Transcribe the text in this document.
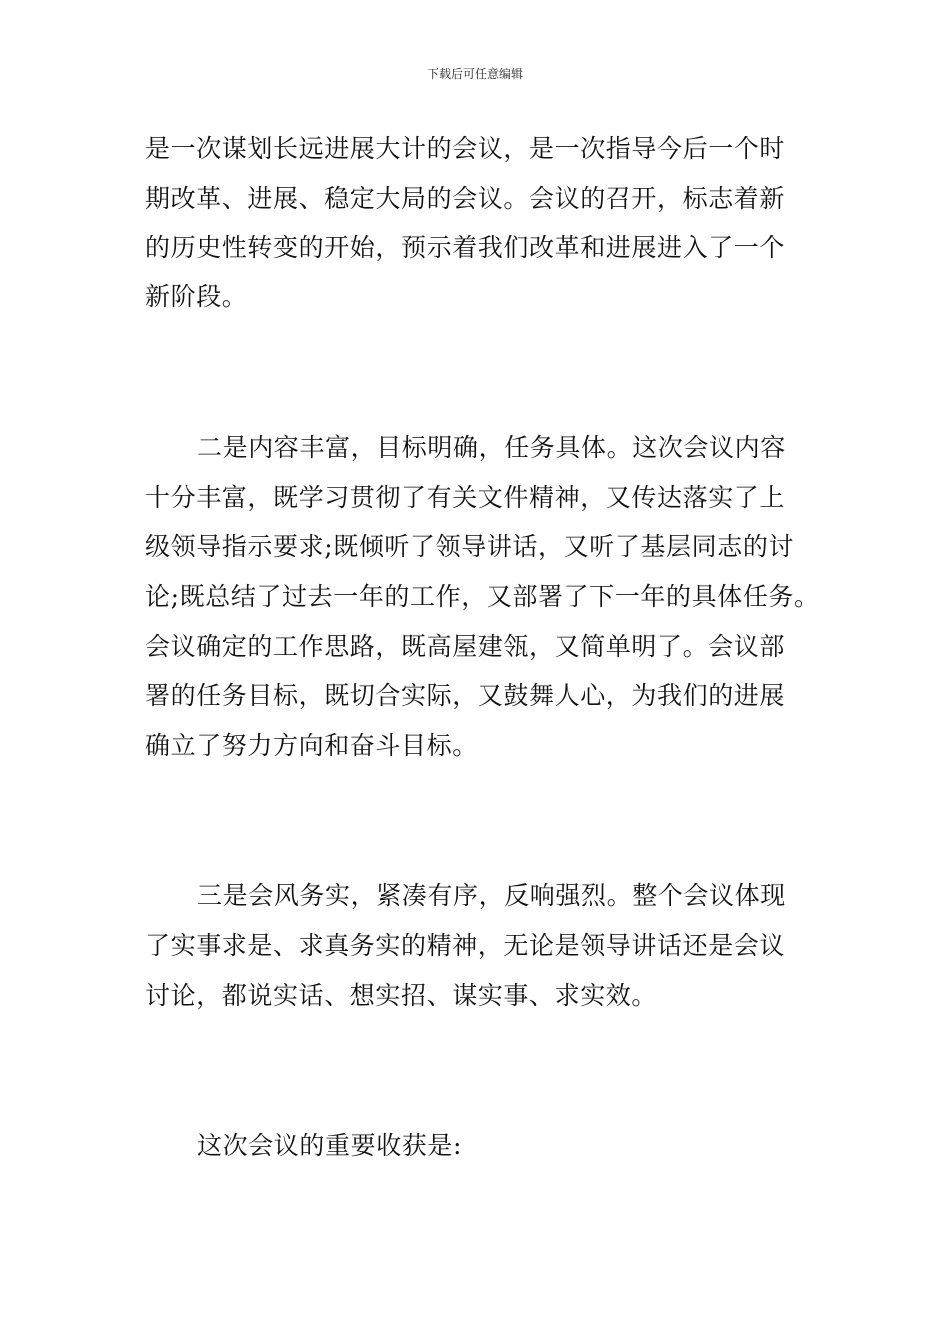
下载后可任意编辑
是一次谋划长远进展大计的会议，是一次指导今后一个时
期改革、进展、稳定大局的会议。会议的召开，标志着新
的历史性转变的开始，预示着我们改革和进展进入了一个
新阶段。
二是内容丰富，目标明确，任务具体。这次会议内容
十分丰富，既学习贯彻了有关文件精神，又传达落实了上
级领导指示要求;既倾听了领导讲话，又听了基层同志的讨
论;既总结了过去一年的工作，又部署了下一年的具体任务。
会议确定的工作思路，既高屋建瓴，又简单明了。会议部
署的任务目标，既切合实际，又鼓舞人心，为我们的进展
确立了努力方向和奋斗目标。
三是会风务实，紧凑有序，反响强烈。整个会议体现
了实事求是、求真务实的精神，无论是领导讲话还是会议
讨论，都说实话、想实招、谋实事、求实效。
这次会议的重要收获是:
